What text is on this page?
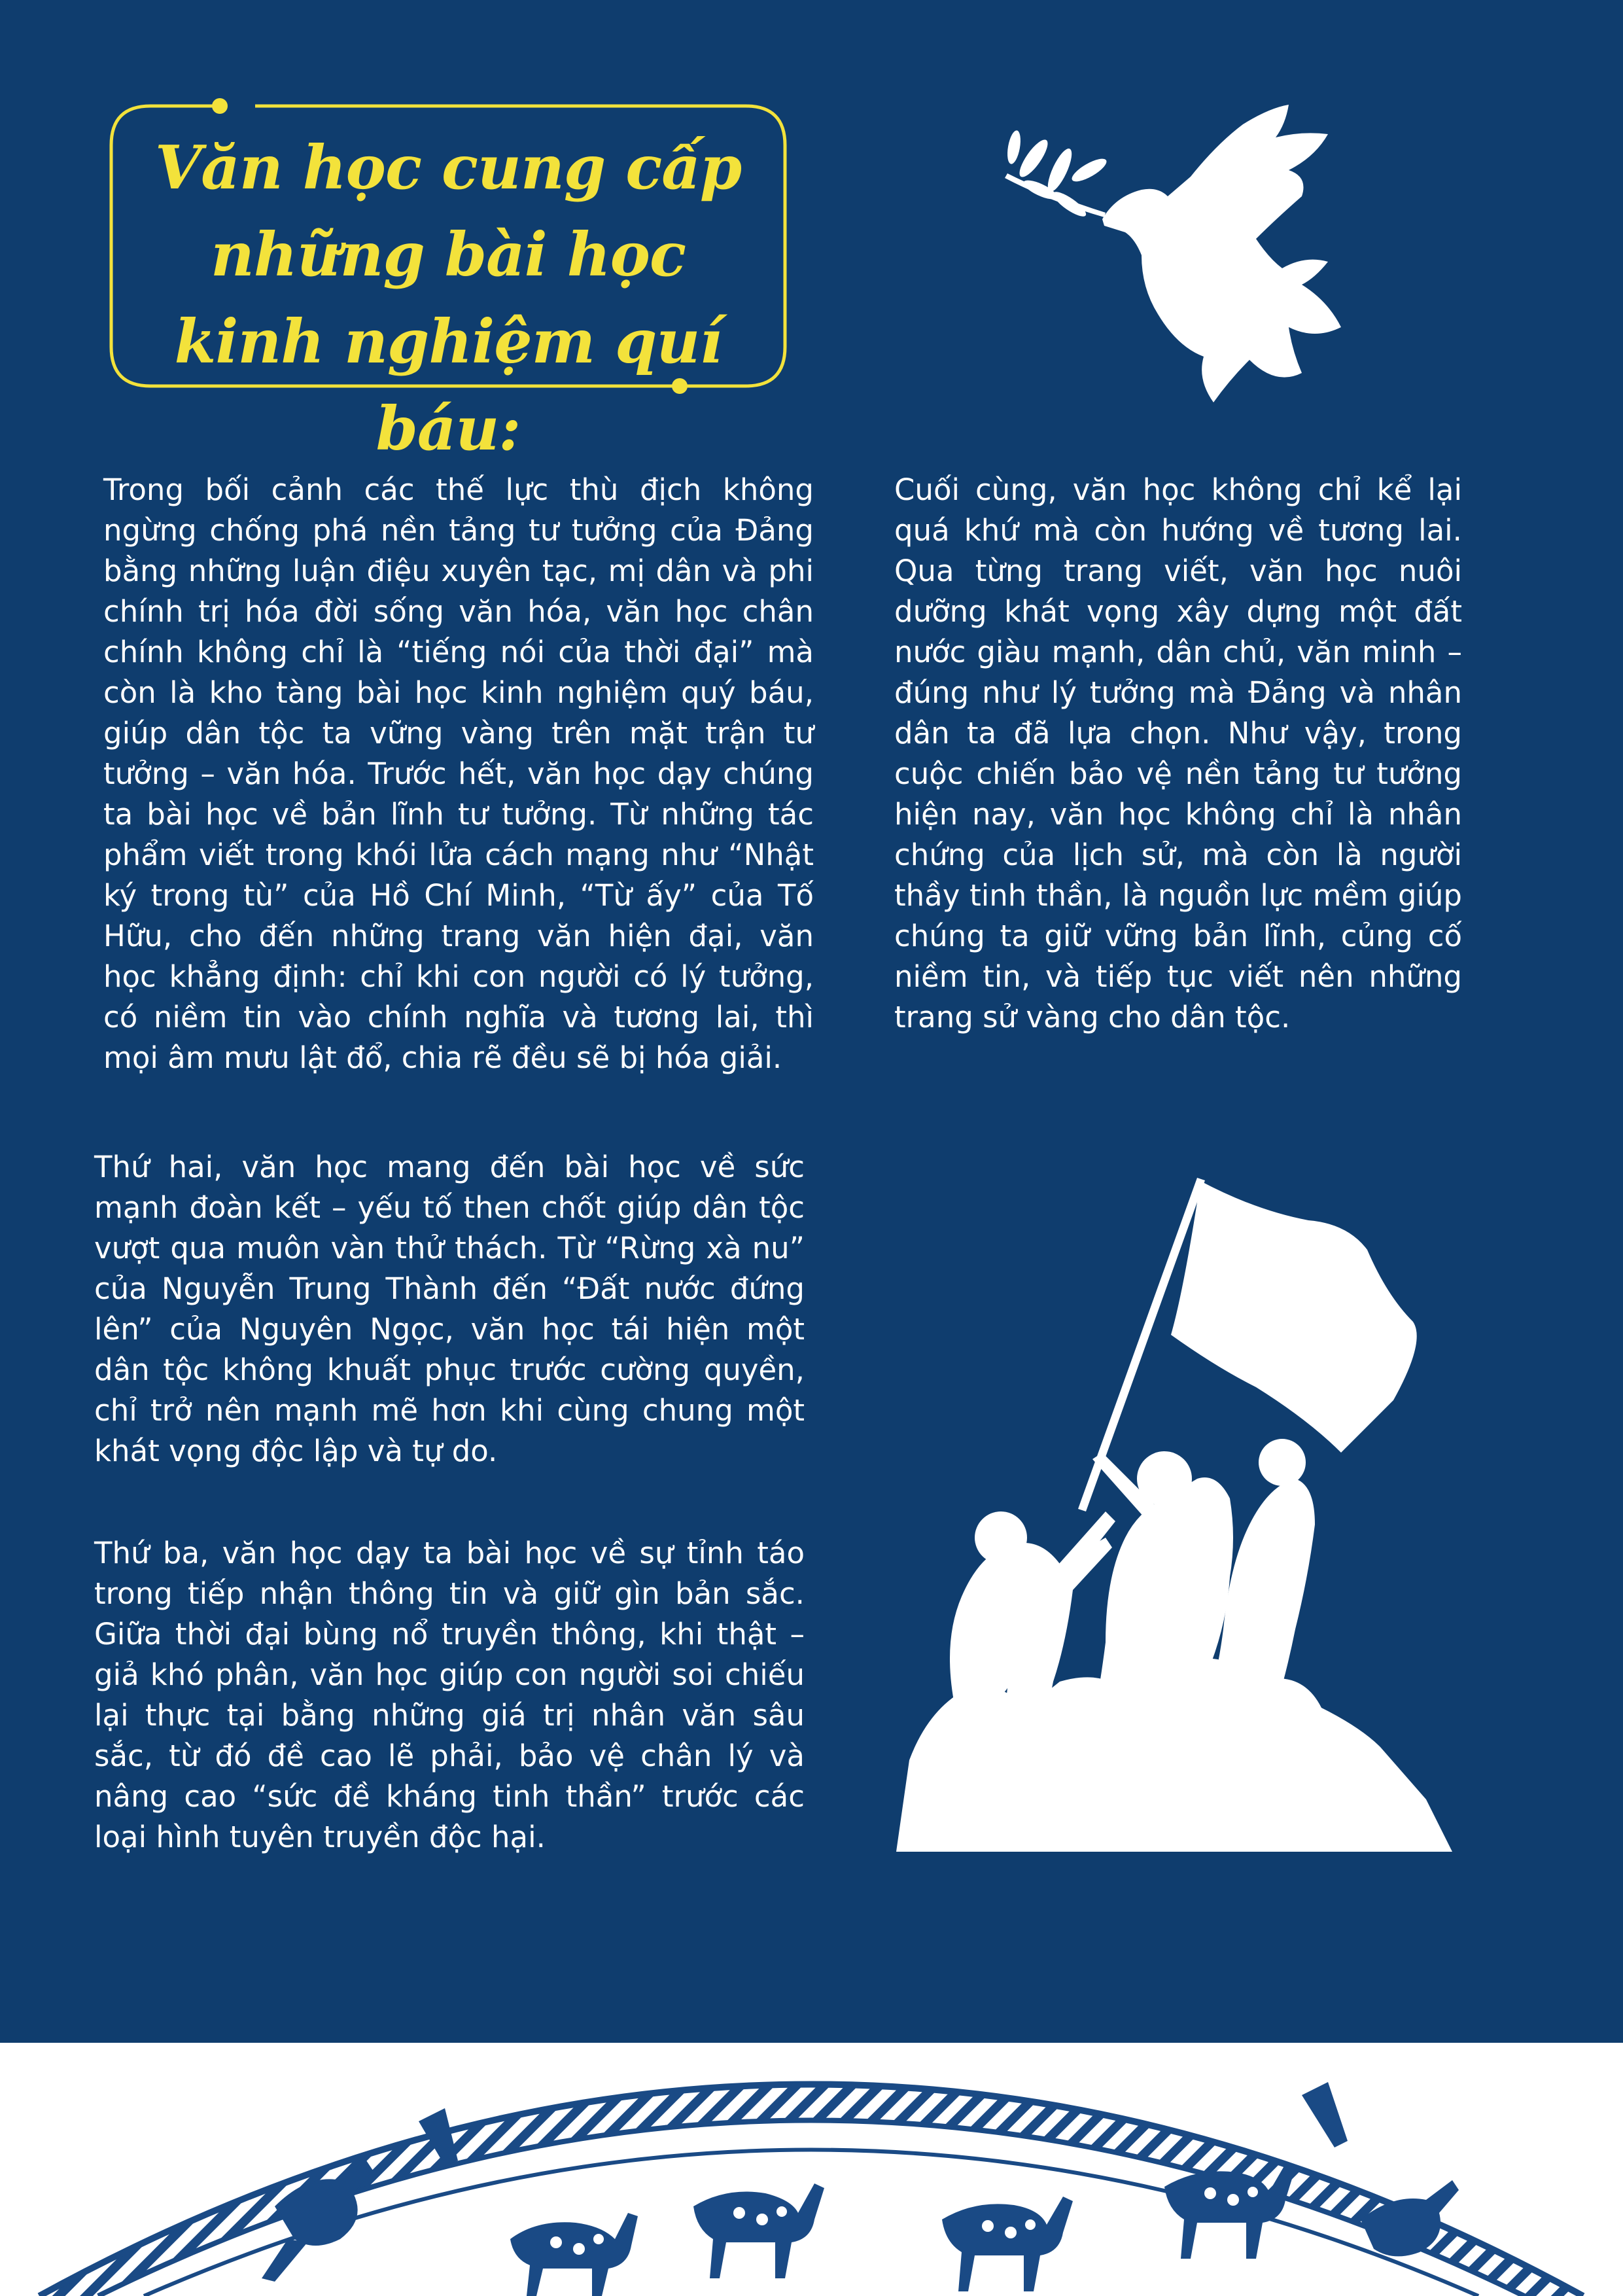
Văn học cung cấp những bài học kinh nghiệm quí báu:

Trong bối cảnh các thế lực thù địch không ngừng chống phá nền tảng tư tưởng của Đảng bằng những luận điệu xuyên tạc, mị dân và phi chính trị hóa đời sống văn hóa, văn học chân chính không chỉ là “tiếng nói của thời đại” mà còn là kho tàng bài học kinh nghiệm quý báu, giúp dân tộc ta vững vàng trên mặt trận tư tưởng – văn hóa. Trước hết, văn học dạy chúng ta bài học về bản lĩnh tư tưởng. Từ những tác phẩm viết trong khói lửa cách mạng như “Nhật ký trong tù” của Hồ Chí Minh, “Từ ấy” của Tố Hữu, cho đến những trang văn hiện đại, văn học khẳng định: chỉ khi con người có lý tưởng, có niềm tin vào chính nghĩa và tương lai, thì mọi âm mưu lật đổ, chia rẽ đều sẽ bị hóa giải.

Thứ hai, văn học mang đến bài học về sức mạnh đoàn kết – yếu tố then chốt giúp dân tộc vượt qua muôn vàn thử thách. Từ “Rừng xà nu” của Nguyễn Trung Thành đến “Đất nước đứng lên” của Nguyên Ngọc, văn học tái hiện một dân tộc không khuất phục trước cường quyền, chỉ trở nên mạnh mẽ hơn khi cùng chung một khát vọng độc lập và tự do.

Thứ ba, văn học dạy ta bài học về sự tỉnh táo trong tiếp nhận thông tin và giữ gìn bản sắc. Giữa thời đại bùng nổ truyền thông, khi thật – giả khó phân, văn học giúp con người soi chiếu lại thực tại bằng những giá trị nhân văn sâu sắc, từ đó đề cao lẽ phải, bảo vệ chân lý và nâng cao “sức đề kháng tinh thần” trước các loại hình tuyên truyền độc hại.

Cuối cùng, văn học không chỉ kể lại quá khứ mà còn hướng về tương lai. Qua từng trang viết, văn học nuôi dưỡng khát vọng xây dựng một đất nước giàu mạnh, dân chủ, văn minh – đúng như lý tưởng mà Đảng và nhân dân ta đã lựa chọn. Như vậy, trong cuộc chiến bảo vệ nền tảng tư tưởng hiện nay, văn học không chỉ là nhân chứng của lịch sử, mà còn là người thầy tinh thần, là nguồn lực mềm giúp chúng ta giữ vững bản lĩnh, củng cố niềm tin, và tiếp tục viết nên những trang sử vàng cho dân tộc.
